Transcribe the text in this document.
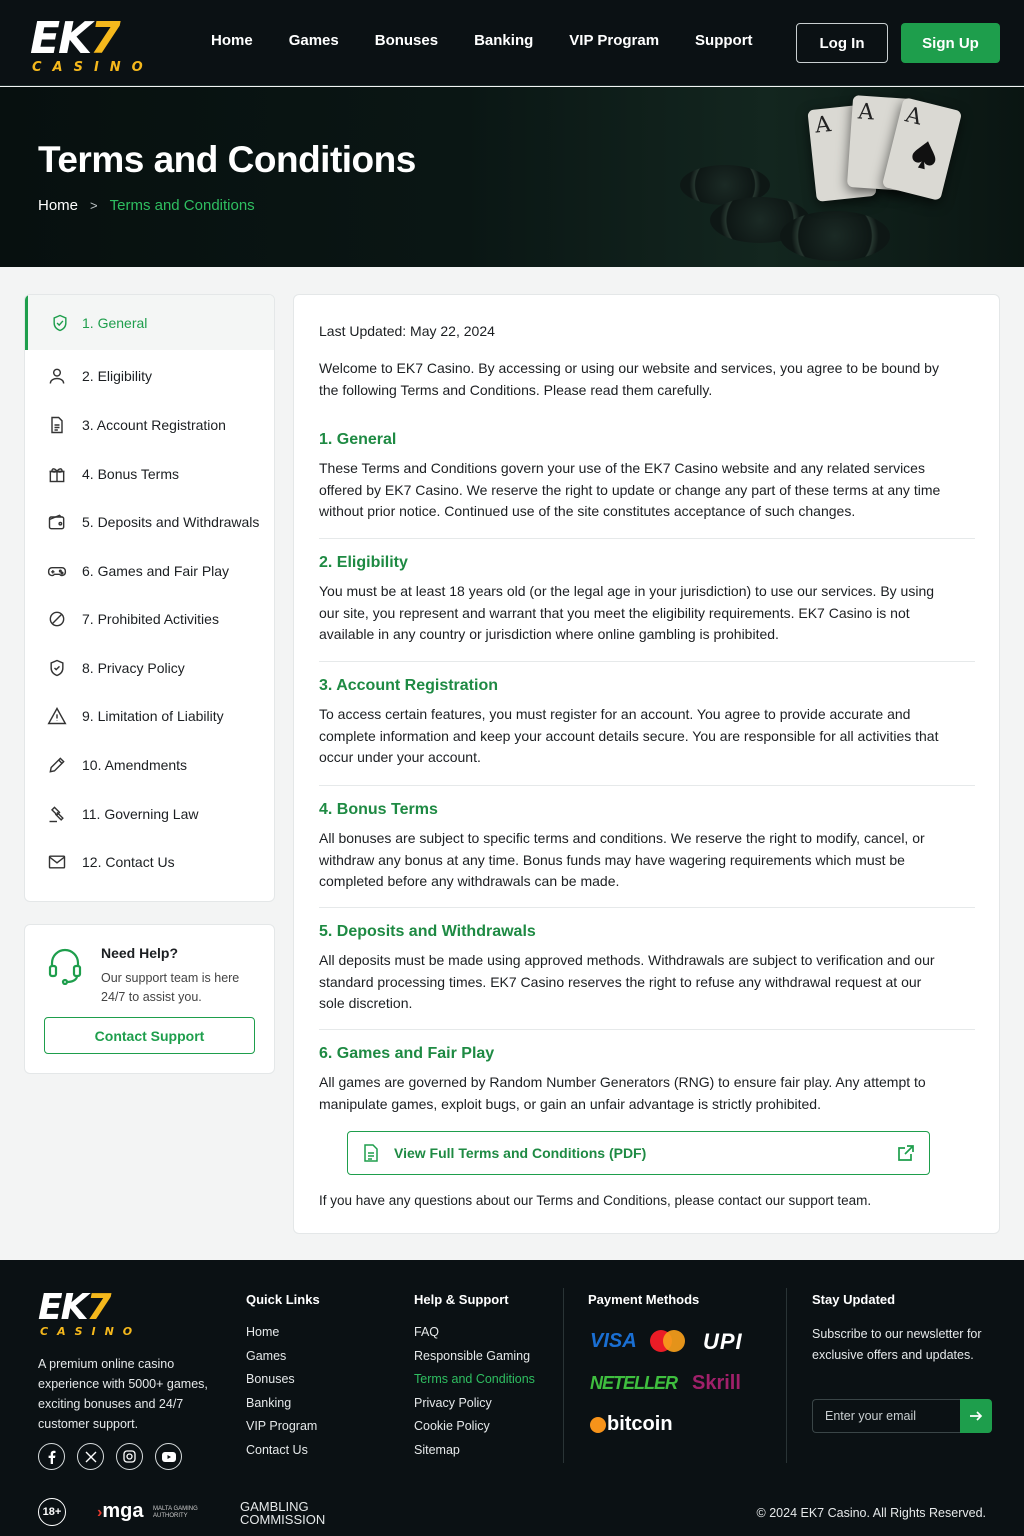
EK7
CASINO
Home Games Bonuses Banking VIP Program Support	Log In	Sign Up
A A A
Terms and Conditions
Home > Terms and Conditions
1. General
2. Eligibility
3. Account Registration
4. Bonus Terms
5. Deposits and Withdrawals
6. Games and Fair Play
7. Prohibited Activities
8. Privacy Policy
9. Limitation of Liability
10. Amendments
11. Governing Law
12. Contact Us
Need Help?
Our support team is here 24/7 to assist you.
Contact Support
Last Updated: May 22, 2024
Welcome to EK7 Casino. By accessing or using our website and services, you agree to be bound by the following Terms and Conditions. Please read them carefully.
1. General

These Terms and Conditions govern your use of the EK7 Casino website and any related services offered by EK7 Casino. We reserve the right to update or change any part of these terms at any time without prior notice. Continued use of the site constitutes acceptance of such changes.

2. Eligibility

You must be at least 18 years old (or the legal age in your jurisdiction) to use our services. By using our site, you represent and warrant that you meet the eligibility requirements. EK7 Casino is not available in any country or jurisdiction where online gambling is prohibited.

3. Account Registration

To access certain features, you must register for an account. You agree to provide accurate and complete information and keep your account details secure. You are responsible for all activities that occur under your account.

4. Bonus Terms

All bonuses are subject to specific terms and conditions. We reserve the right to modify, cancel, or withdraw any bonus at any time. Bonus funds may have wagering requirements which must be completed before any withdrawals can be made.

5. Deposits and Withdrawals

All deposits must be made using approved methods. Withdrawals are subject to verification and our standard processing times. EK7 Casino reserves the right to refuse any withdrawal request at our sole discretion.

6. Games and Fair Play

All games are governed by Random Number Generators (RNG) to ensure fair play. Any attempt to manipulate games, exploit bugs, or gain an unfair advantage is strictly prohibited.

View Full Terms and Conditions (PDF)
If you have any questions about our Terms and Conditions, please contact our support team.
EK7
CASINO
A premium online casino experience with 5000+ games, exciting bonuses and 24/7 customer support.
Quick Links
Home
Games
Bonuses
Banking
VIP Program
Contact Us
Help & Support
FAQ
Responsible Gaming
Terms and Conditions
Privacy Policy
Cookie Policy
Sitemap
Payment Methods
VISA	UPI
NETELLER Skrill
bitcoin
Stay Updated
Subscribe to our newsletter for exclusive offers and updates.
Enter your email
18+ ›mga MALTA GAMING
AUTHORITY
GAMBLING
COMMISSION	© 2024 EK7 Casino. All Rights Reserved.
